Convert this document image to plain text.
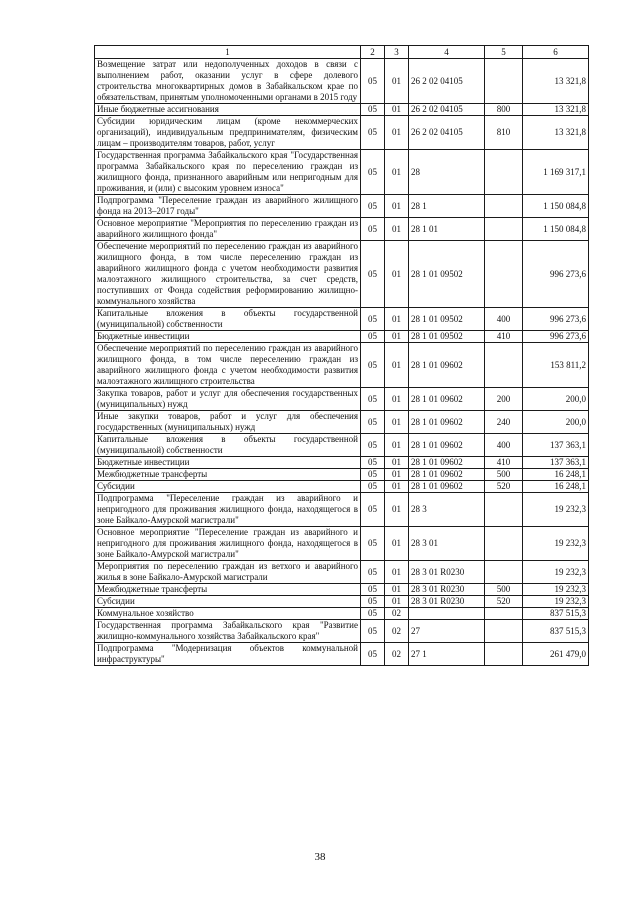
1	2	3	4	5	6
Возмещение затрат или недополученных доходов в связи с выполнением работ, оказании услуг в сфере долевого строительства многоквартирных домов в Забайкальском крае по обязательствам, принятым уполномоченными органами в 2015 году	05	01	26 2 02 04105		13 321,8
Иные бюджетные ассигнования	05	01	26 2 02 04105	800	13 321,8
Субсидии юридическим лицам (кроме некоммерческих организаций), индивидуальным предпринимателям, физическим лицам – производителям товаров, работ, услуг	05	01	26 2 02 04105	810	13 321,8
Государственная программа Забайкальского края "Государственная программа Забайкальского края по переселению граждан из жилищного фонда, признанного аварийным или непригодным для проживания, и (или) с высоким уровнем износа"	05	01	28		1 169 317,1
Подпрограмма "Переселение граждан из аварийного жилищного фонда на 2013–2017 годы"	05	01	28 1		1 150 084,8
Основное мероприятие "Мероприятия по переселению граждан из аварийного жилищного фонда"	05	01	28 1 01		1 150 084,8
Обеспечение мероприятий по переселению граждан из аварийного жилищного фонда, в том числе переселению граждан из аварийного жилищного фонда с учетом необходимости развития малоэтажного жилищного строительства, за счет средств, поступивших от Фонда содействия реформированию жилищно-коммунального хозяйства	05	01	28 1 01 09502		996 273,6
Капитальные вложения в объекты государственной (муниципальной) собственности	05	01	28 1 01 09502	400	996 273,6
Бюджетные инвестиции	05	01	28 1 01 09502	410	996 273,6
Обеспечение мероприятий по переселению граждан из аварийного жилищного фонда, в том числе переселению граждан из аварийного жилищного фонда с учетом необходимости развития малоэтажного жилищного строительства	05	01	28 1 01 09602		153 811,2
Закупка товаров, работ и услуг для обеспечения государственных (муниципальных) нужд	05	01	28 1 01 09602	200	200,0
Иные закупки товаров, работ и услуг для обеспечения государственных (муниципальных) нужд	05	01	28 1 01 09602	240	200,0
Капитальные вложения в объекты государственной (муниципальной) собственности	05	01	28 1 01 09602	400	137 363,1
Бюджетные инвестиции	05	01	28 1 01 09602	410	137 363,1
Межбюджетные трансферты	05	01	28 1 01 09602	500	16 248,1
Субсидии	05	01	28 1 01 09602	520	16 248,1
Подпрограмма "Переселение граждан из аварийного и непригодного для проживания жилищного фонда, находящегося в зоне Байкало-Амурской магистрали"	05	01	28 3		19 232,3
Основное мероприятие "Переселение граждан из аварийного и непригодного для проживания жилищного фонда, находящегося в зоне Байкало-Амурской магистрали"	05	01	28 3 01		19 232,3
Мероприятия по переселению граждан из ветхого и аварийного жилья в зоне Байкало-Амурской магистрали	05	01	28 3 01 R0230		19 232,3
Межбюджетные трансферты	05	01	28 3 01 R0230	500	19 232,3
Субсидии	05	01	28 3 01 R0230	520	19 232,3
Коммунальное хозяйство	05	02			837 515,3
Государственная программа Забайкальского края "Развитие жилищно-коммунального хозяйства Забайкальского края"	05	02	27		837 515,3
Подпрограмма "Модернизация объектов коммунальной инфраструктуры"	05	02	27 1		261 479,0
38
